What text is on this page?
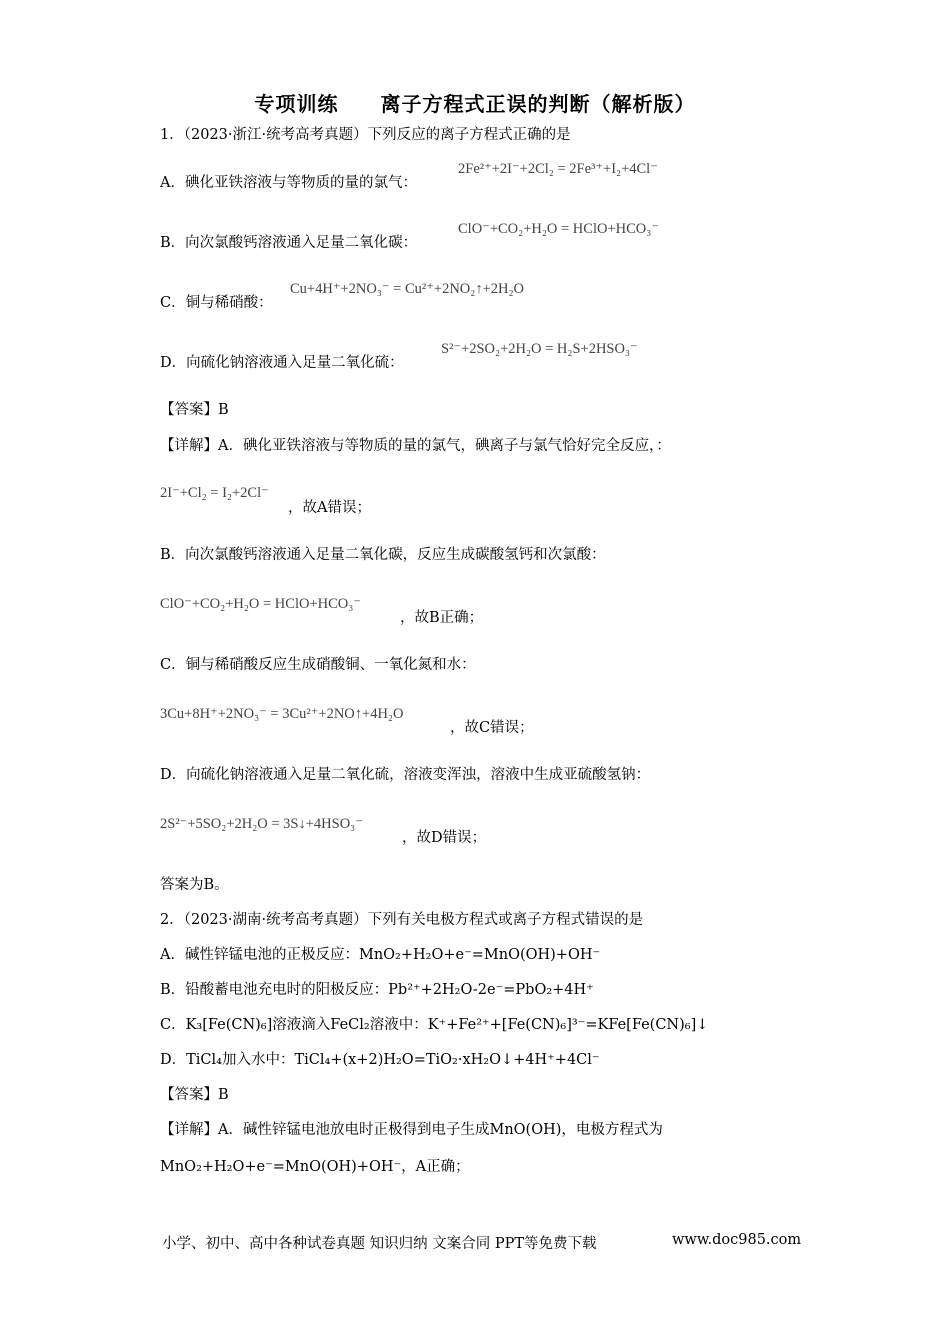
专项训练　　离子方程式正误的判断（解析版）
1．（2023·浙江·统考高考真题）下列反应的离子方程式正确的是
A．碘化亚铁溶液与等物质的量的氯气：
2Fe²⁺+2I⁻+2Cl₂ = 2Fe³⁺+I₂+4Cl⁻
B．向次氯酸钙溶液通入足量二氧化碳：
ClO⁻+CO₂+H₂O = HClO+HCO₃⁻
C．铜与稀硝酸：
Cu+4H⁺+2NO₃⁻ = Cu²⁺+2NO₂↑+2H₂O
D．向硫化钠溶液通入足量二氧化硫：
S²⁻+2SO₂+2H₂O = H₂S+2HSO₃⁻
【答案】B
【详解】A．碘化亚铁溶液与等物质的量的氯气，碘离子与氯气恰好完全反应，：
2I⁻+Cl₂ = I₂+2Cl⁻
，故A错误；
B．向次氯酸钙溶液通入足量二氧化碳，反应生成碳酸氢钙和次氯酸：
ClO⁻+CO₂+H₂O = HClO+HCO₃⁻
，故B正确；
C．铜与稀硝酸反应生成硝酸铜、一氧化氮和水：
3Cu+8H⁺+2NO₃⁻ = 3Cu²⁺+2NO↑+4H₂O
，故C错误；
D．向硫化钠溶液通入足量二氧化硫，溶液变浑浊，溶液中生成亚硫酸氢钠：
2S²⁻+5SO₂+2H₂O = 3S↓+4HSO₃⁻
，故D错误；
答案为B。
2．（2023·湖南·统考高考真题）下列有关电极方程式或离子方程式错误的是
A．碱性锌锰电池的正极反应：MnO₂+H₂O+e⁻=MnO(OH)+OH⁻
B．铅酸蓄电池充电时的阳极反应：Pb²⁺+2H₂O-2e⁻=PbO₂+4H⁺
C．K₃[Fe(CN)₆]溶液滴入FeCl₂溶液中：K⁺+Fe²⁺+[Fe(CN)₆]³⁻=KFe[Fe(CN)₆]↓
D．TiCl₄加入水中：TiCl₄+(x+2)H₂O=TiO₂·xH₂O↓+4H⁺+4Cl⁻
【答案】B
【详解】A．碱性锌锰电池放电时正极得到电子生成MnO(OH)，电极方程式为
MnO₂+H₂O+e⁻=MnO(OH)+OH⁻，A正确；
小学、初中、高中各种试卷真题 知识归纳 文案合同 PPT等免费下载	www.doc985.com
